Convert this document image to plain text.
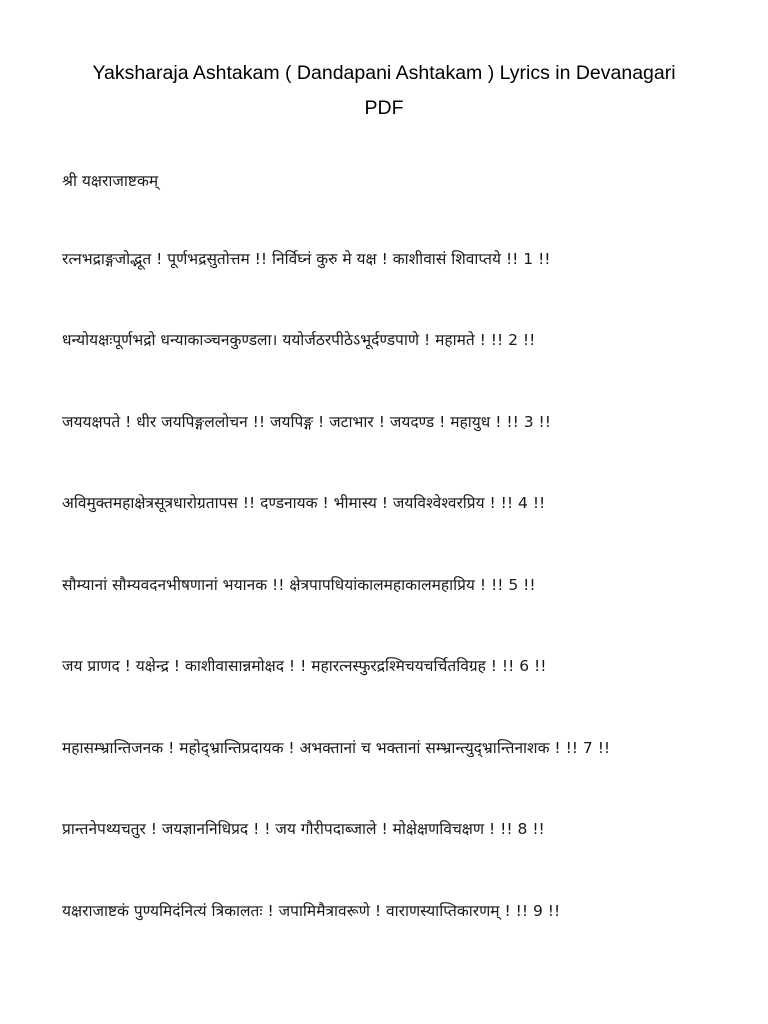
Yaksharaja Ashtakam ( Dandapani Ashtakam ) Lyrics in Devanagari
PDF
श्री यक्षराजाष्टकम्
रत्नभद्राङ्गजोद्भूत ! पूर्णभद्रसुतोत्तम !! निर्विघ्नं कुरु मे यक्ष ! काशीवासं शिवाप्तये !! 1 !!
धन्योयक्षःपूर्णभद्रो धन्याकाञ्चनकुण्डला। ययोर्जठरपीठेऽभूर्दण्डपाणे ! महामते ! !! 2 !!
जययक्षपते ! धीर जयपिङ्गललोचन !! जयपिङ्ग ! जटाभार ! जयदण्ड ! महायुध ! !! 3 !!
अविमुक्तमहाक्षेत्रसूत्रधारोग्रतापस !! दण्डनायक ! भीमास्य ! जयविश्वेश्वरप्रिय ! !! 4 !!
सौम्यानां सौम्यवदनभीषणानां भयानक !! क्षेत्रपापधियांकालमहाकालमहाप्रिय ! !! 5 !!
जय प्राणद ! यक्षेन्द्र ! काशीवासान्नमोक्षद ! ! महारत्नस्फुरद्रश्मिचयचर्चितविग्रह ! !! 6 !!
महासम्भ्रान्तिजनक ! महोद्भ्रान्तिप्रदायक ! अभक्तानां च भक्तानां सम्भ्रान्त्युद्भ्रान्तिनाशक ! !! 7 !!
प्रान्तनेपथ्यचतुर ! जयज्ञाननिधिप्रद ! ! जय गौरीपदाब्जाले ! मोक्षेक्षणविचक्षण ! !! 8 !!
यक्षराजाष्टकं पुण्यमिदंनित्यं त्रिकालतः ! जपामिमैत्रावरूणे ! वाराणस्याप्तिकारणम् ! !! 9 !!
